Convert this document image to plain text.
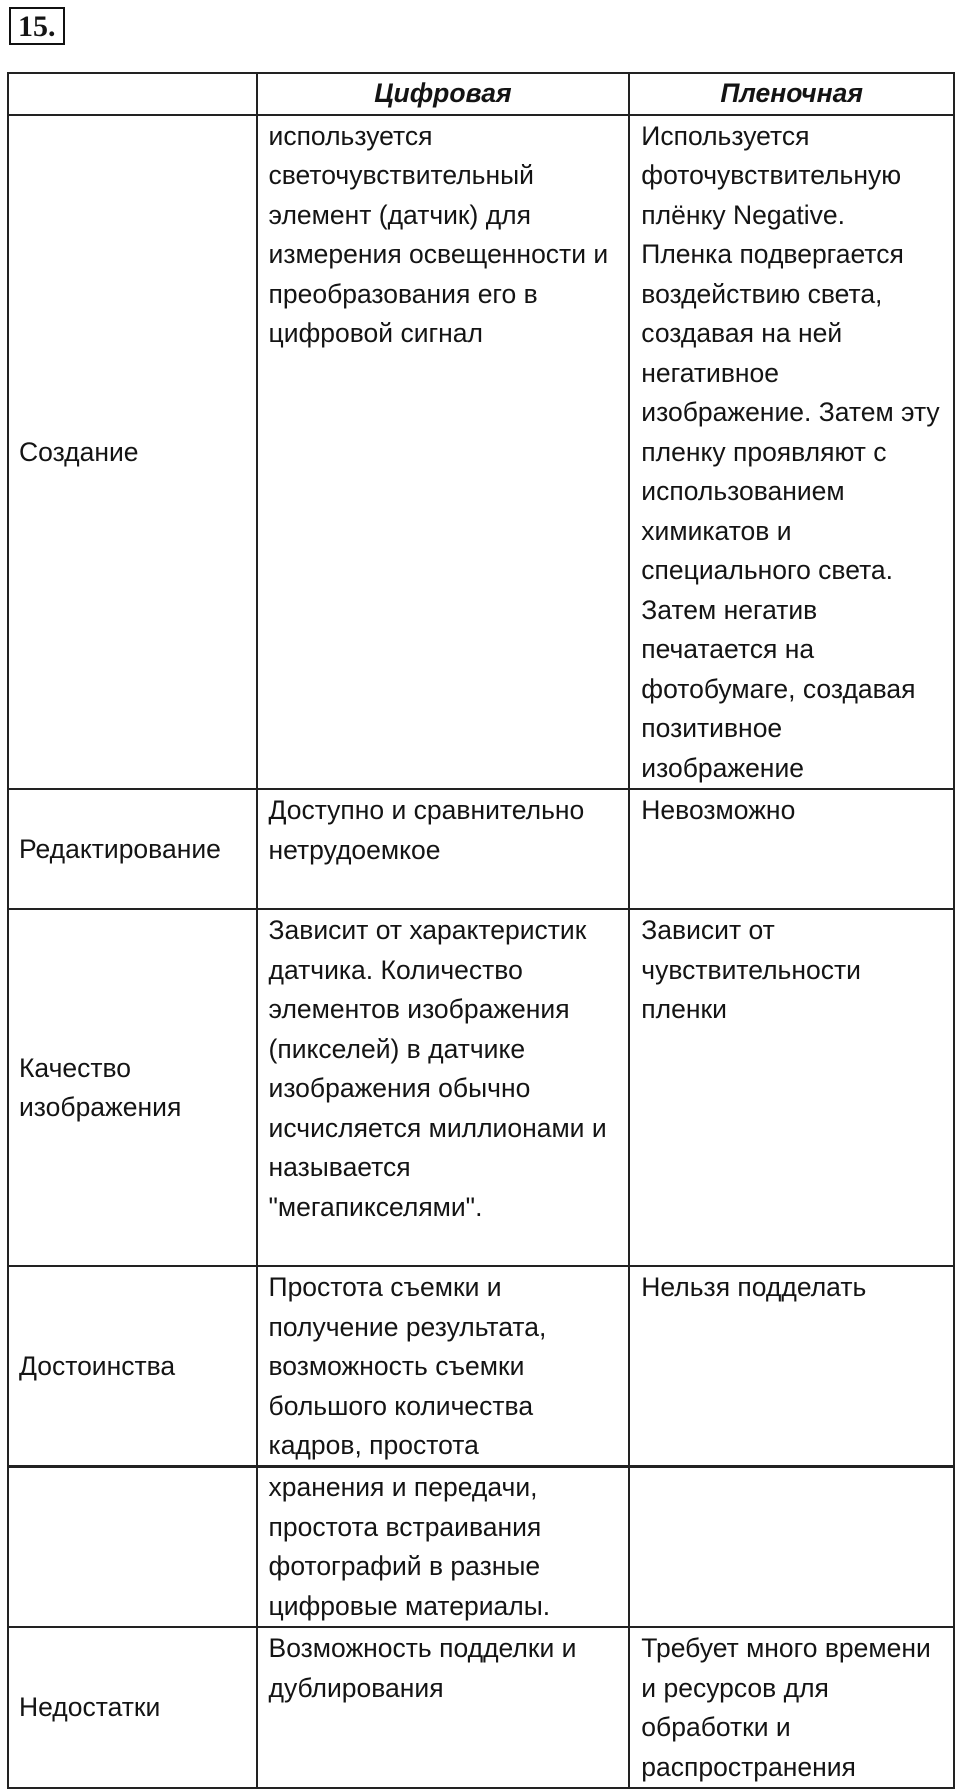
15.
	Цифровая	Пленочная
Создание	используется светочувствительный элемент (датчик) для измерения освещенности и преобразования его в цифровой сигнал	Используется фоточувствительную плёнку Negative. Пленка подвергается воздействию света, создавая на ней негативное изображение. Затем эту пленку проявляют с использованием химикатов и специального света. Затем негатив печатается на фотобумаге, создавая позитивное изображение
Редактирование	Доступно и сравнительно нетрудоемкое	Невозможно
Качество изображения	Зависит от характеристик датчика. Количество элементов изображения (пикселей) в датчике изображения обычно исчисляется миллионами и называется "мегапикселями".	Зависит от чувствительности пленки
Достоинства	Простота съемки и получение результата, возможность съемки большого количества кадров, простота	Нельзя подделать
	хранения и передачи, простота встраивания фотографий в разные цифровые материалы.	
Недостатки	Возможность подделки и дублирования	Требует много времени и ресурсов для обработки и распространения
